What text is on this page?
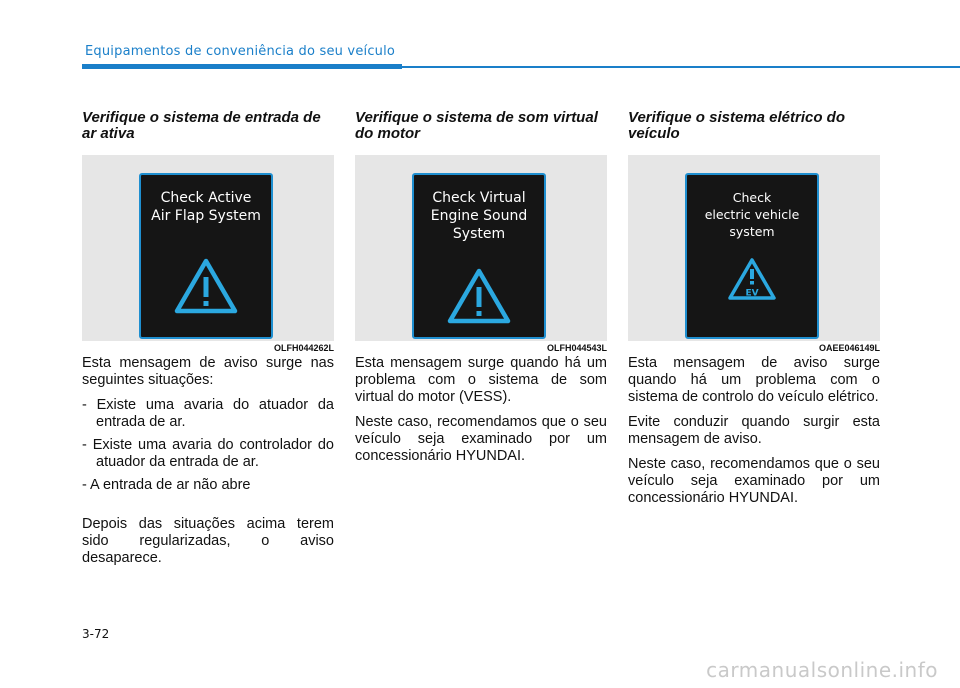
Equipamentos de conveniência do seu veículo
Verifique o sistema de entrada de ar ativa
Check Active
Air Flap System
OLFH044262L

Esta mensagem de aviso surge nas seguintes situações:

- Existe uma avaria do atuador da entrada de ar.
- Existe uma avaria do controlador do atuador da entrada de ar.
- A entrada de ar não abre

Depois das situações acima terem sido regularizadas, o aviso desaparece.

Verifique o sistema de som virtual do motor
Check Virtual
Engine Sound
System
OLFH044543L

Esta mensagem surge quando há um problema com o sistema de som virtual do motor (VESS).

Neste caso, recomendamos que o seu veículo seja examinado por um concessionário HYUNDAI.

Verifique o sistema elétrico do veículo
Check
electric vehicle
system
EV
OAEE046149L

Esta mensagem de aviso surge quando há um problema com o sistema de controlo do veículo elétrico.

Evite conduzir quando surgir esta mensagem de aviso.

Neste caso, recomendamos que o seu veículo seja examinado por um concessionário HYUNDAI.

3-72
carmanualsonline.info
